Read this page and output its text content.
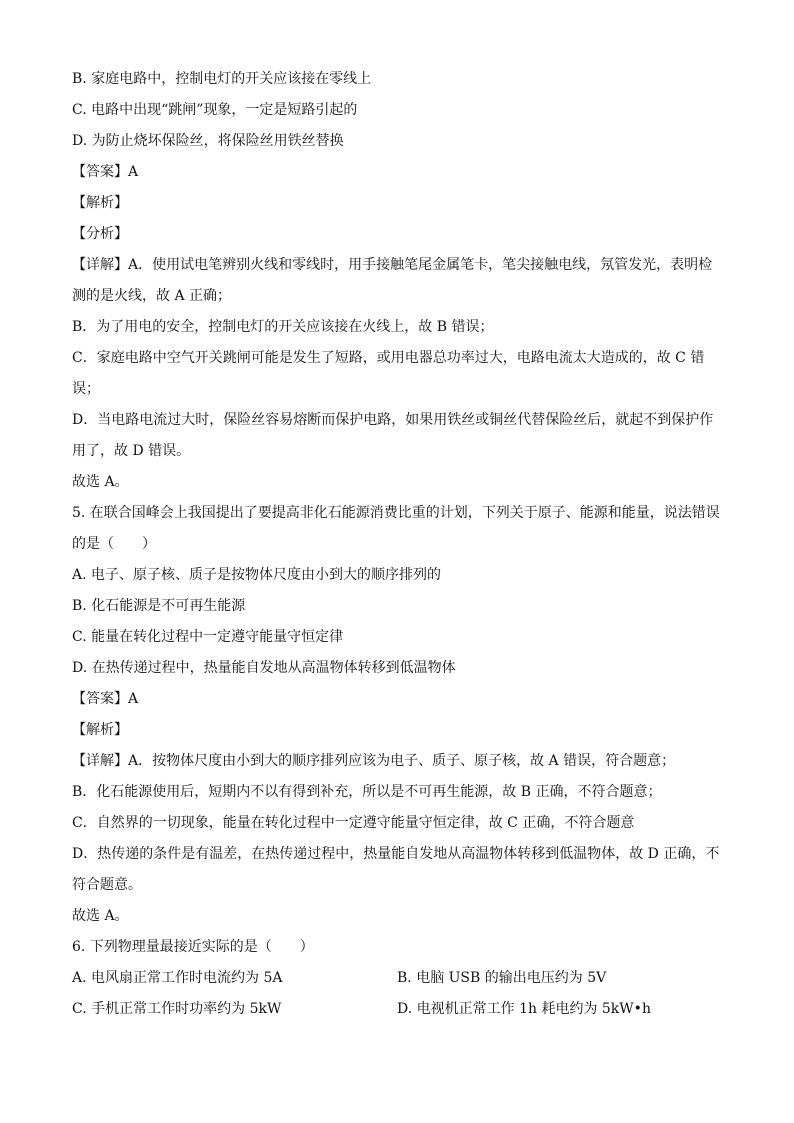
B. 家庭电路中，控制电灯的开关应该接在零线上
C. 电路中出现“跳闸”现象，一定是短路引起的
D. 为防止烧坏保险丝，将保险丝用铁丝替换
【答案】A
【解析】
【分析】
【详解】A．使用试电笔辨别火线和零线时，用手接触笔尾金属笔卡，笔尖接触电线，氖管发光，表明检
测的是火线，故 A 正确；
B．为了用电的安全，控制电灯的开关应该接在火线上，故 B 错误；
C．家庭电路中空气开关跳闸可能是发生了短路，或用电器总功率过大，电路电流太大造成的，故 C 错
误；
D．当电路电流过大时，保险丝容易熔断而保护电路，如果用铁丝或铜丝代替保险丝后，就起不到保护作
用了，故 D 错误。
故选 A。
5. 在联合国峰会上我国提出了要提高非化石能源消费比重的计划，下列关于原子、能源和能量，说法错误
的是（　　）
A. 电子、原子核、质子是按物体尺度由小到大的顺序排列的
B. 化石能源是不可再生能源
C. 能量在转化过程中一定遵守能量守恒定律
D. 在热传递过程中，热量能自发地从高温物体转移到低温物体
【答案】A
【解析】
【详解】A．按物体尺度由小到大的顺序排列应该为电子、质子、原子核，故 A 错误，符合题意；
B．化石能源使用后，短期内不以有得到补充，所以是不可再生能源，故 B 正确，不符合题意；
C．自然界的一切现象，能量在转化过程中一定遵守能量守恒定律，故 C 正确，不符合题意
D．热传递的条件是有温差，在热传递过程中，热量能自发地从高温物体转移到低温物体，故 D 正确，不
符合题意。
故选 A。
6. 下列物理量最接近实际的是（　　）
A. 电风扇正常工作时电流约为 5A	B. 电脑 USB 的输出电压约为 5V
C. 手机正常工作时功率约为 5kW	D. 电视机正常工作 1h 耗电约为 5kW•h
